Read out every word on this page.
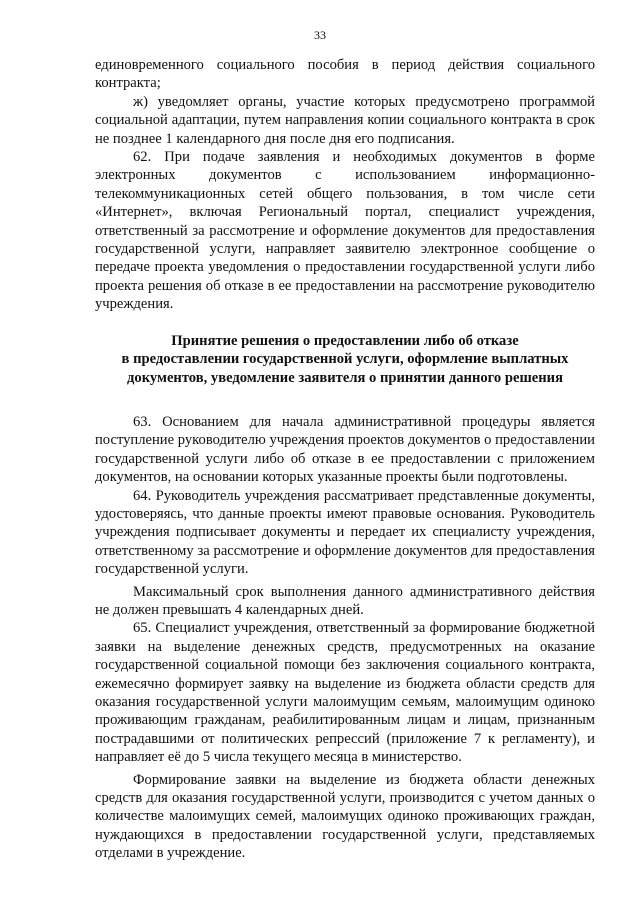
33

единовременного социального пособия в период действия социального контракта;

ж) уведомляет органы, участие которых предусмотрено программой социальной адаптации, путем направления копии социального контракта в срок не позднее 1 календарного дня после дня его подписания.

62. При подаче заявления и необходимых документов в форме электронных документов с использованием информационно-телекоммуникационных сетей общего пользования, в том числе сети «Интернет», включая Региональный портал, специалист учреждения, ответственный за рассмотрение и оформление документов для предоставления государственной услуги, направляет заявителю электронное сообщение о передаче проекта уведомления о предоставлении государственной услуги либо проекта решения об отказе в ее предоставлении на рассмотрение руководителю учреждения.

Принятие решения о предоставлении либо об отказе
в предоставлении государственной услуги, оформление выплатных
документов, уведомление заявителя о принятии данного решения

63. Основанием для начала административной процедуры является поступление руководителю учреждения проектов документов о предоставлении государственной услуги либо об отказе в ее предоставлении с приложением документов, на основании которых указанные проекты были подготовлены.

64. Руководитель учреждения рассматривает представленные документы, удостоверяясь, что данные проекты имеют правовые основания. Руководитель учреждения подписывает документы и передает их специалисту учреждения, ответственному за рассмотрение и оформление документов для предоставления государственной услуги.

Максимальный срок выполнения данного административного действия не должен превышать 4 календарных дней.

65. Специалист учреждения, ответственный за формирование бюджетной заявки на выделение денежных средств, предусмотренных на оказание государственной социальной помощи без заключения социального контракта, ежемесячно формирует заявку на выделение из бюджета области средств для оказания государственной услуги малоимущим семьям, малоимущим одиноко проживающим гражданам, реабилитированным лицам и лицам, признанным пострадавшими от политических репрессий (приложение 7 к регламенту), и направляет её до 5 числа текущего месяца в министерство.

Формирование заявки на выделение из бюджета области денежных средств для оказания государственной услуги, производится с учетом данных о количестве малоимущих семей, малоимущих одиноко проживающих граждан, нуждающихся в предоставлении государственной услуги, представляемых отделами в учреждение.
